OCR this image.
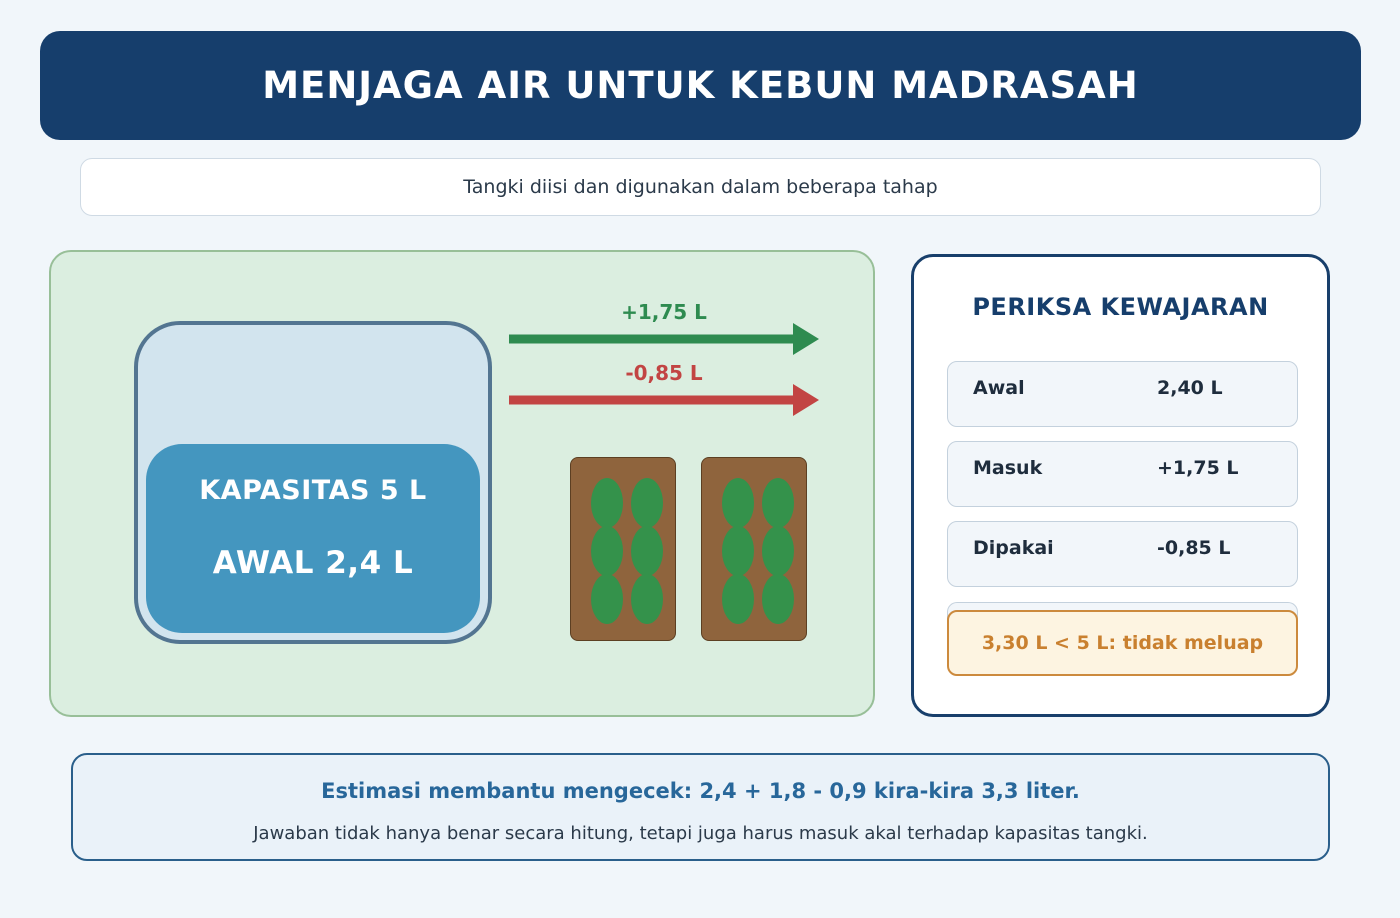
MENJAGA AIR UNTUK KEBUN MADRASAH
Tangki diisi dan digunakan dalam beberapa tahap
KAPASITAS 5 L
AWAL 2,4 L
+1,75 L
-0,85 L
PERIKSA KEWAJARAN
Awal	2,40 L
Masuk	+1,75 L
Dipakai	-0,85 L
3,30 L < 5 L: tidak meluap
Estimasi membantu mengecek: 2,4 + 1,8 - 0,9 kira-kira 3,3 liter.
Jawaban tidak hanya benar secara hitung, tetapi juga harus masuk akal terhadap kapasitas tangki.
